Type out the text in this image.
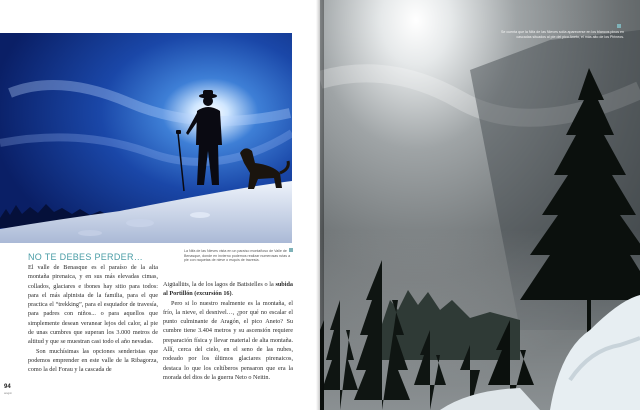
La Nifa de las Nieves vista en un paraíso montañoso de Valle de Benasque, donde en invierno podemos realizar numerosas rutas a pie con raquetas de nieve o esquís de travesía.
NO TE DEBES PERDER…

El valle de Benasque es el paraíso de la alta montaña pirenaica, y en sus más elevadas cimas, collados, glaciares e ibones hay sitio para todos: para el más alpinista de la familia, para el que practica el “trekking”, para el esquiador de travesía, para padres con niños... o para aquellos que simplemente desean veranear lejos del calor, al pie de unas cumbres que superan los 3.000 metros de altitud y que se muestran casi todo el año nevadas.

Son muchísimas las opciones senderistas que podemos emprender en este valle de la Ribagorza, como la del Forau y la cascada de

Aigüallüts, la de los lagos de Batisielles o la subida al Portillón (excursión 16).

Pero si lo nuestro realmente es la montaña, el frío, la nieve, el desnivel…, ¿por qué no escalar el punto culminante de Aragón, el pico Aneto? Su cumbre tiene 3.404 metros y su ascensión requiere preparación física y llevar material de alta montaña. Allí, cerca del cielo, en el seno de las nubes, rodeado por los últimos glaciares pirenaicos, destaca lo que los celtíberos pensaron que era la morada del dios de la guerra Neto o Neitin.

94
aragón
Se cuenta que la Nifa de las Nieves solía aparecerse en los blancos pinos en cascadas situados al pie del pico Aneto, el más alto de los Pirineos.
